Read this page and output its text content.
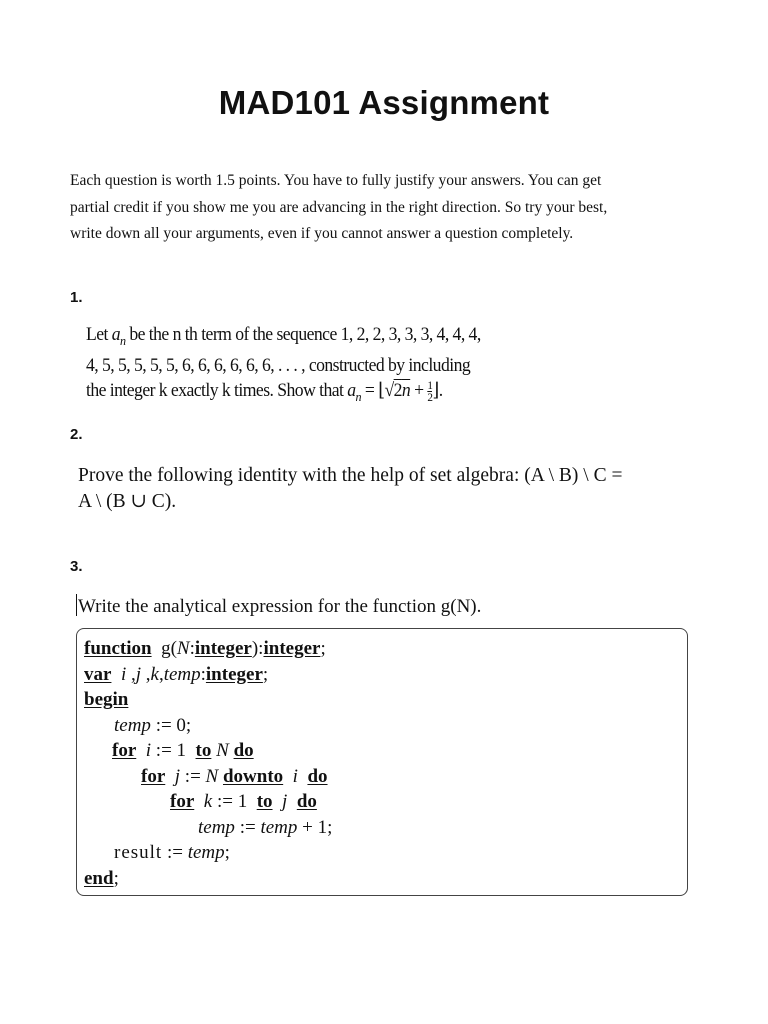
MAD101 Assignment
Each question is worth 1.5 points. You have to fully justify your answers. You can get
partial credit if you show me you are advancing in the right direction. So try your best,
write down all your arguments, even if you cannot answer a question completely.
1.
Let $a_n$ be the n th term of the sequence 1, 2, 2, 3, 3, 3, 4, 4, 4,
4, 5, 5, 5, 5, 5, 6, 6, 6, 6, 6, 6, . . . , constructed by including
the integer k exactly k times. Show that $a_n$ = ⌊√2n + $\frac{1}{2}$ ⌋.
2.
Prove the following identity with the help of set algebra: (A \ B) \ C =
A \ (B ∪ C).
3.
Write the analytical expression for the function g(N).
function  g(N:integer):integer;
var i ,j ,k,temp:integer;
begin
temp := 0;
for i := 1  to N do
for j := N downto i do
for k := 1  to j do
temp := temp + 1;
result := temp;
end;
